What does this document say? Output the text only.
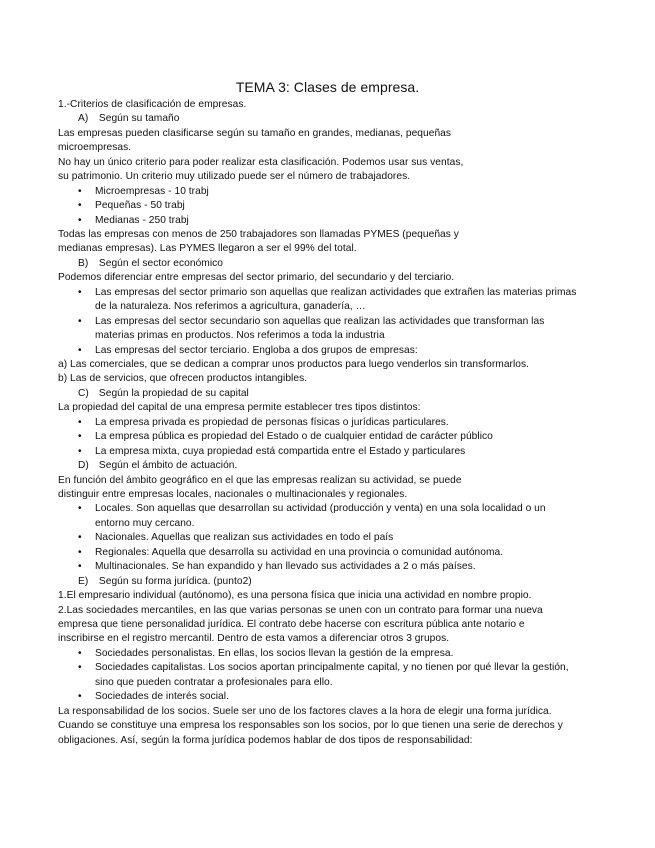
TEMA 3: Clases de empresa.
1.-Criterios de clasificación de empresas.
A) Según su tamaño
Las empresas pueden clasificarse según su tamaño en grandes, medianas, pequeñas
microempresas.
No hay un único criterio para poder realizar esta clasificación. Podemos usar sus ventas,
su patrimonio. Un criterio muy utilizado puede ser el número de trabajadores.
•	Microempresas - 10 trabj
•	Pequeñas - 50 trabj
•	Medianas - 250 trabj
Todas las empresas con menos de 250 trabajadores son llamadas PYMES (pequeñas y
medianas empresas). Las PYMES llegaron a ser el 99% del total.
B) Según el sector económico
Podemos diferenciar entre empresas del sector primario, del secundario y del terciario.
•	Las empresas del sector primario son aquellas que realizan actividades que extrañen las materias primas
de la naturaleza. Nos referimos a agricultura, ganadería, …
•	Las empresas del sector secundario son aquellas que realizan las actividades que transforman las
materias primas en productos. Nos referimos a toda la industria
•	Las empresas del sector terciario. Engloba a dos grupos de empresas:
a) Las comerciales, que se dedican a comprar unos productos para luego venderlos sin transformarlos.
b) Las de servicios, que ofrecen productos intangibles.
C) Según la propiedad de su capital
La propiedad del capital de una empresa permite establecer tres tipos distintos:
•	La empresa privada es propiedad de personas físicas o jurídicas particulares.
•	La empresa pública es propiedad del Estado o de cualquier entidad de carácter público
•	La empresa mixta, cuya propiedad está compartida entre el Estado y particulares
D) Según el ámbito de actuación.
En función del ámbito geográfico en el que las empresas realizan su actividad, se puede
distinguir entre empresas locales, nacionales o multinacionales y regionales.
•	Locales. Son aquellas que desarrollan su actividad (producción y venta) en una sola localidad o un
entorno muy cercano.
•	Nacionales. Aquellas que realizan sus actividades en todo el país
•	Regionales: Aquella que desarrolla su actividad en una provincia o comunidad autónoma.
•	Multinacionales. Se han expandido y han llevado sus actividades a 2 o más países.
E) Según su forma jurídica. (punto2)
1.El empresario individual (autónomo), es una persona física que inicia una actividad en nombre propio.
2.Las sociedades mercantiles, en las que varias personas se unen con un contrato para formar una nueva
empresa que tiene personalidad jurídica. El contrato debe hacerse con escritura pública ante notario e
inscribirse en el registro mercantil. Dentro de esta vamos a diferenciar otros 3 grupos.
•	Sociedades personalistas. En ellas, los socios llevan la gestión de la empresa.
•	Sociedades capitalistas. Los socios aportan principalmente capital, y no tienen por qué llevar la gestión,
sino que pueden contratar a profesionales para ello.
•	Sociedades de interés social.
La responsabilidad de los socios. Suele ser uno de los factores claves a la hora de elegir una forma jurídica.
Cuando se constituye una empresa los responsables son los socios, por lo que tienen una serie de derechos y
obligaciones. Así, según la forma jurídica podemos hablar de dos tipos de responsabilidad:
